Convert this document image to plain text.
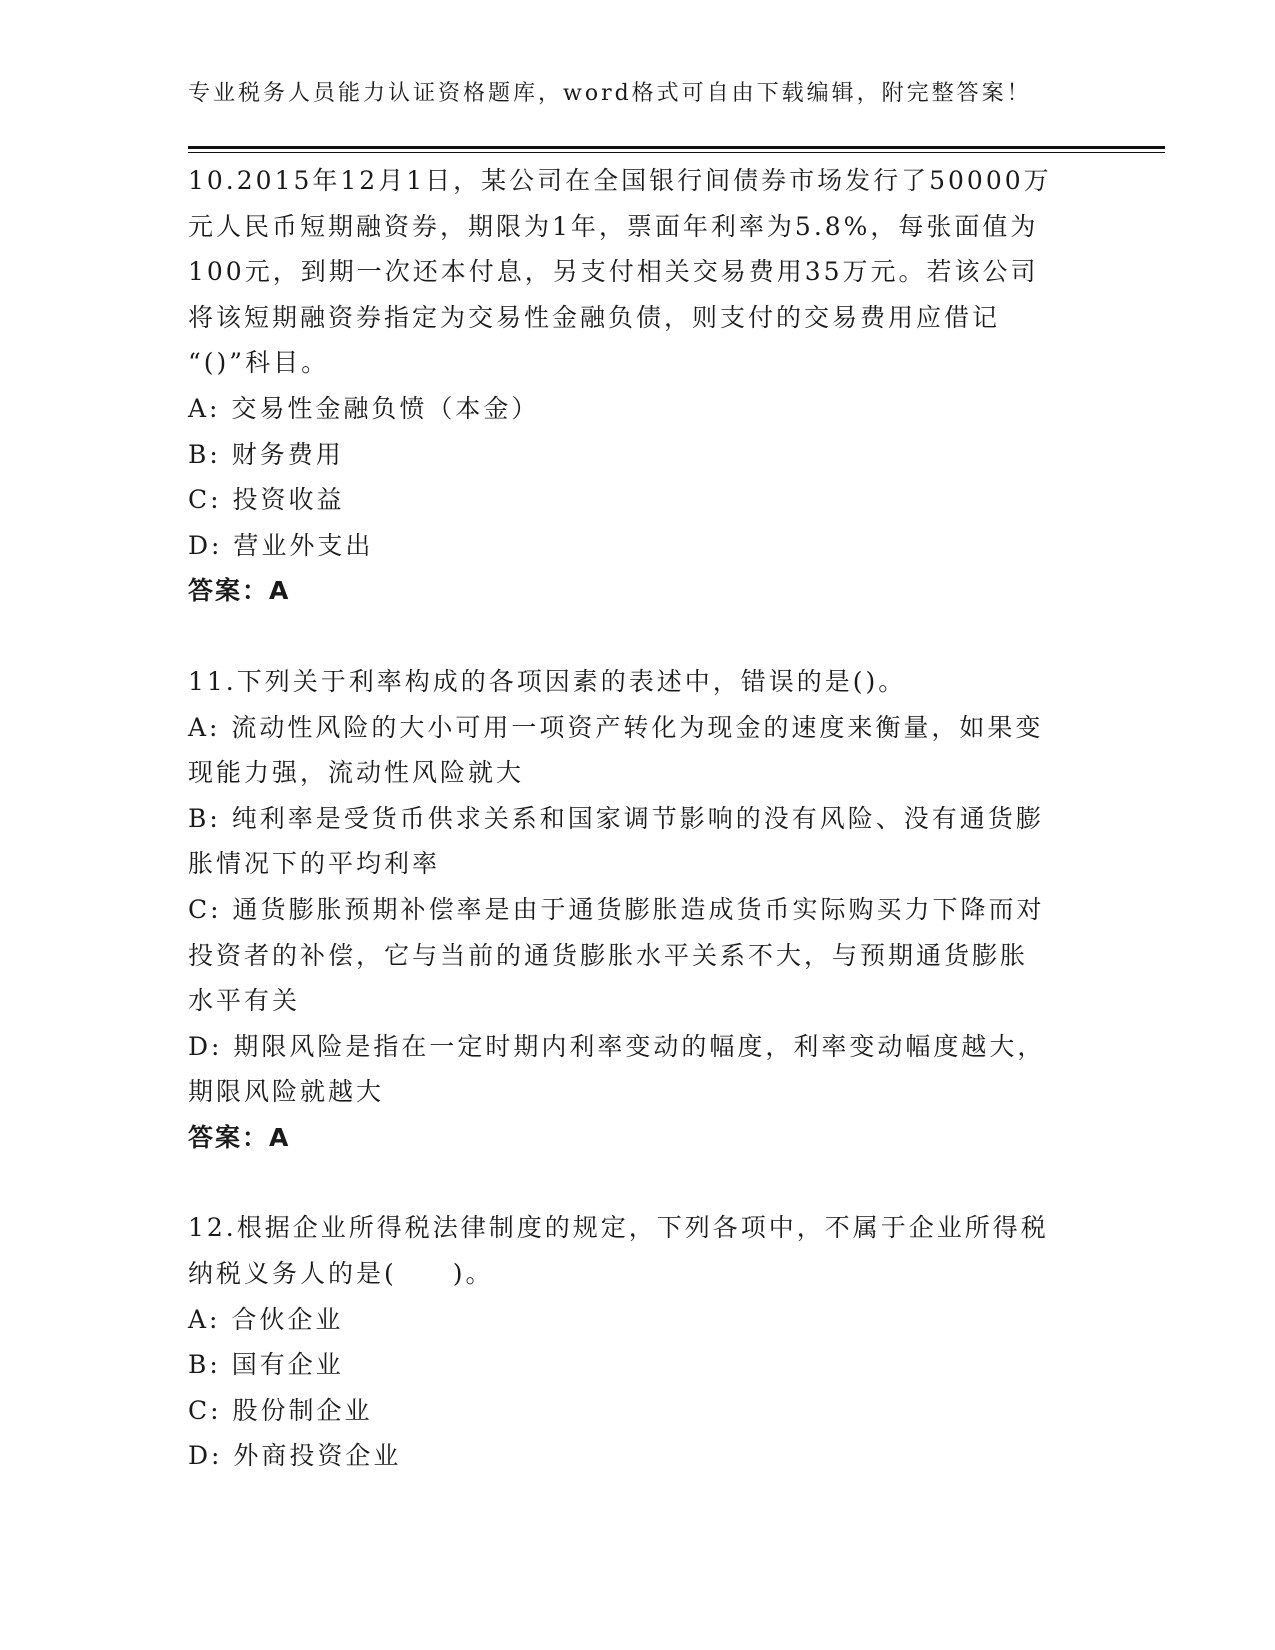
专业税务人员能力认证资格题库，word格式可自由下载编辑，附完整答案！
10.2015年12月1日，某公司在全国银行间债券市场发行了50000万
元人民币短期融资券，期限为1年，票面年利率为5.8%，每张面值为
100元，到期一次还本付息，另支付相关交易费用35万元。若该公司
将该短期融资券指定为交易性金融负债，则支付的交易费用应借记
“()”科目。
A: 交易性金融负愤（本金）
B: 财务费用
C: 投资收益
D: 营业外支出
答案：A
11.下列关于利率构成的各项因素的表述中，错误的是()。
A: 流动性风险的大小可用一项资产转化为现金的速度来衡量，如果变
现能力强，流动性风险就大
B: 纯利率是受货币供求关系和国家调节影响的没有风险、没有通货膨
胀情况下的平均利率
C: 通货膨胀预期补偿率是由于通货膨胀造成货币实际购买力下降而对
投资者的补偿，它与当前的通货膨胀水平关系不大，与预期通货膨胀
水平有关
D: 期限风险是指在一定时期内利率变动的幅度，利率变动幅度越大，
期限风险就越大
答案：A
12.根据企业所得税法律制度的规定，下列各项中，不属于企业所得税
纳税义务人的是(　　)。
A: 合伙企业
B: 国有企业
C: 股份制企业
D: 外商投资企业
